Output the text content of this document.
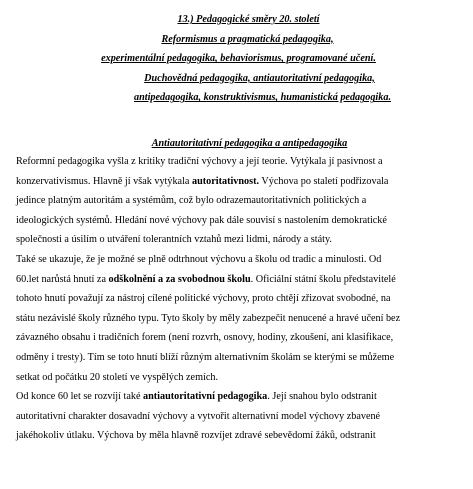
13.) Pedagogické směry 20. století
Reformismus a pragmatická pedagogika,
experimentální pedagogika, behaviorismus, programované učení.
Duchovědná pedagogika, antiautoritativní pedagogika,
antipedagogika, konstruktivismus, humanistická pedagogika.
Antiautoritativní pedagogika a antipedagogika
Reformní pedagogika vyšla z kritiky tradiční výchovy a její teorie. Vytýkala jí pasivnost a
konzervativismus. Hlavně jí však vytýkala autoritativnost. Výchova po staletí podřizovala
jedince platným autoritám a systémům, což bylo odrazemautoritativních politických a
ideologických systémů. Hledání nové výchovy pak dále souvisí s nastolením demokratické
společnosti a úsilím o utváření tolerantních vztahů mezi lidmi, národy a státy.
Také se ukazuje, že je možné se plně odtrhnout výchovu a školu od tradic a minulosti. Od
60.let narůstá hnutí za odškolnění a za svobodnou školu. Oficiální státní školu představitelé
tohoto hnutí považují za nástroj cílené politické výchovy, proto chtějí zřizovat svobodné, na
státu nezávislé školy různého typu. Tyto školy by měly zabezpečit nenucené a hravé učení bez
závazného obsahu i tradičních forem (není rozvrh, osnovy, hodiny, zkoušení, ani klasifikace,
odměny i tresty). Tím se toto hnutí blíží různým alternativním školám se kterými se můžeme
setkat od počátku 20 století ve vyspělých zemích.
Od konce 60 let se rozvíjí také antiautoritativní pedagogika. Její snahou bylo odstranit
autoritativní charakter dosavadní výchovy a vytvořit alternativní model výchovy zbavené
jakéhokoliv útlaku. Výchova by měla hlavně rozvíjet zdravé sebevědomí žáků, odstranit
